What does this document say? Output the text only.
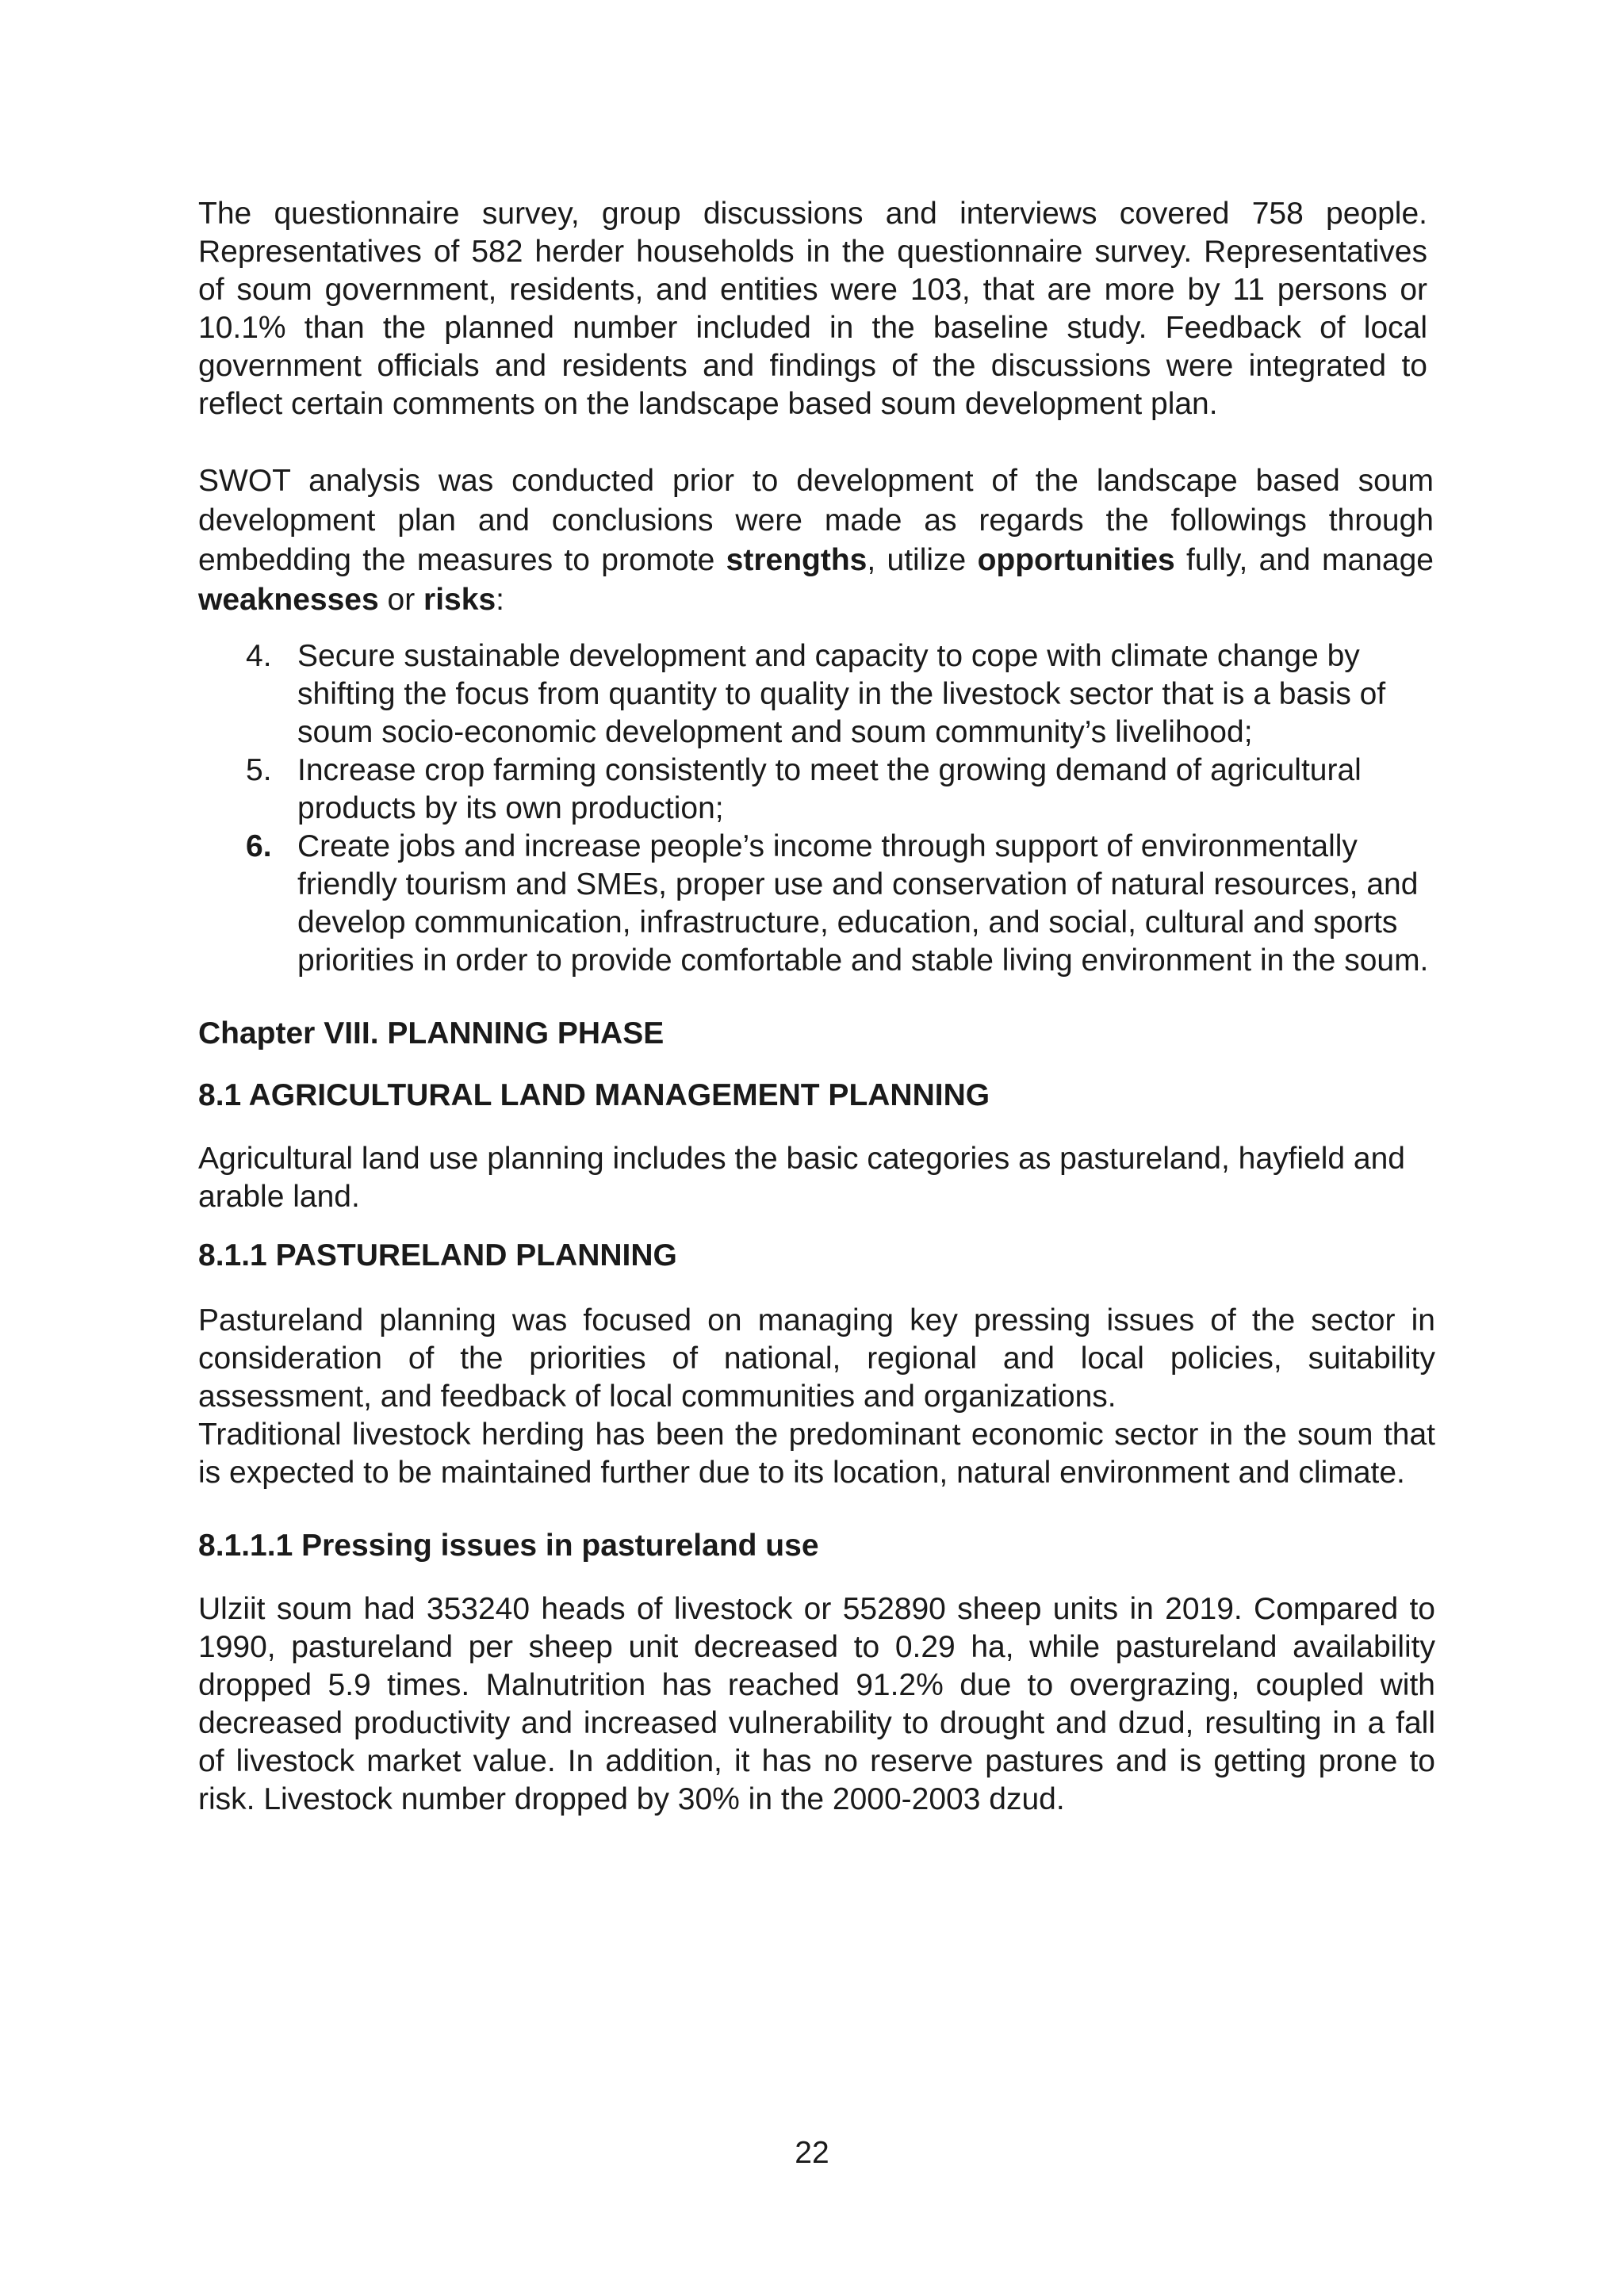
The questionnaire survey, group discussions and interviews covered 758 people. Representatives of 582 herder households in the questionnaire survey. Representatives of soum government, residents, and entities were 103, that are more by 11 persons or 10.1% than the planned number included in the baseline study. Feedback of local government officials and residents and findings of the discussions were integrated to reflect certain comments on the landscape based soum development plan.

SWOT analysis was conducted prior to development of the landscape based soum development plan and conclusions were made as regards the followings through embedding the measures to promote strengths, utilize opportunities fully, and manage weaknesses or risks:

4. Secure sustainable development and capacity to cope with climate change by shifting the focus from quantity to quality in the livestock sector that is a basis of soum socio-economic development and soum community’s livelihood;
5. Increase crop farming consistently to meet the growing demand of agricultural products by its own production;
6. Create jobs and increase people’s income through support of environmentally friendly tourism and SMEs, proper use and conservation of natural resources, and develop communication, infrastructure, education, and social, cultural and sports priorities in order to provide comfortable and stable living environment in the soum.
Chapter VIII. PLANNING PHASE
8.1 AGRICULTURAL LAND MANAGEMENT PLANNING

Agricultural land use planning includes the basic categories as pastureland, hayfield and arable land.

8.1.1 PASTURELAND PLANNING

Pastureland planning was focused on managing key pressing issues of the sector in consideration of the priorities of national, regional and local policies, suitability assessment, and feedback of local communities and organizations.

Traditional livestock herding has been the predominant economic sector in the soum that is expected to be maintained further due to its location, natural environment and climate.

8.1.1.1 Pressing issues in pastureland use

Ulziit soum had 353240 heads of livestock or 552890 sheep units in 2019. Compared to 1990, pastureland per sheep unit decreased to 0.29 ha, while pastureland availability dropped 5.9 times. Malnutrition has reached 91.2% due to overgrazing, coupled with decreased productivity and increased vulnerability to drought and dzud, resulting in a fall of livestock market value. In addition, it has no reserve pastures and is getting prone to risk. Livestock number dropped by 30% in the 2000-2003 dzud.

22
